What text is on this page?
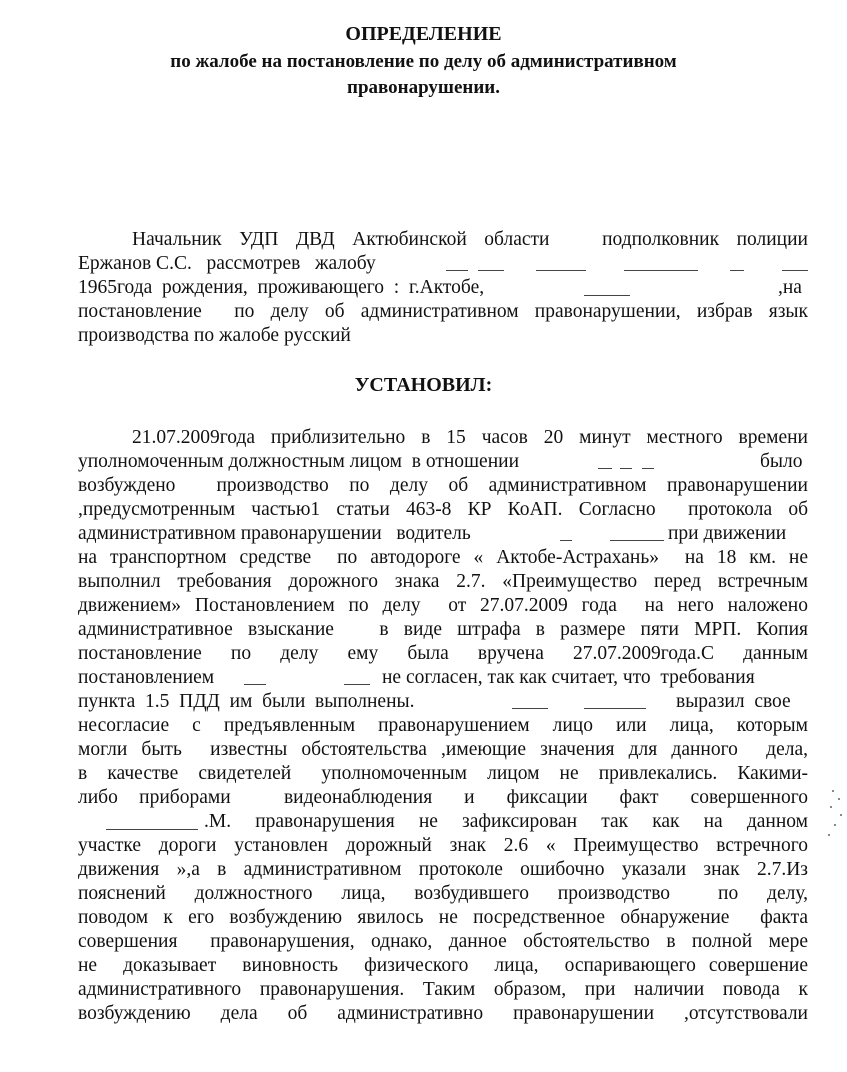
ОПРЕДЕЛЕНИЕ
по жалобе на постановление по делу об административном
правонарушении.
Начальник УДП ДВД Актюбинской области   подполковник полиции
Ержанов С.С.   рассмотрев   жалобу
1965года  рождения,  проживающего  :  г.Актобе,	,на
постановление  по делу об административном правонарушении, избрав язык
производства по жалобе русский
УСТАНОВИЛ:
21.07.2009года приблизительно в 15 часов 20 минут местного времени
уполномоченным должностным лицом  в отношении	было
возбуждено  производство по делу об административном правонарушении
,предусмотренным частью1 статьи 463-8 КР КоАП. Согласно  протокола об
административном правонарушении   водитель	при движении
на транспортном средстве  по автодороге « Актобе-Астрахань»  на 18 км. не
выполнил требования дорожного знака 2.7. «Преимущество перед встречным
движением» Постановлением по делу  от 27.07.2009 года  на него наложено
административное взыскание   в виде штрафа в размере пяти МРП. Копия
постановление   по   делу   ему   была   вручена   27.07.2009года.С   данным
постановлением	не согласен, так как считает, что  требования
пункта  1.5  ПДД  им  были  выполнены.	выразил  свое
несогласие  с  предъявленным  правонарушением  лицо  или  лица,  которым
могли быть  известны обстоятельства ,имеющие значения для данного  дела,
в  качестве  свидетелей   уполномоченным  лицом  не  привлекались.  Какими-
либо  приборами     видеонаблюдения   и   фиксации   факт   совершенного
.М.  правонарушения  не  зафиксирован  так  как  на  данном
участке дороги установлен дорожный знак 2.6 « Преимущество встречного
движения »,а в административном протоколе ошибочно указали знак 2.7.Из
пояснений   должностного   лица,   возбудившего   производство     по   делу,
поводом к его возбуждению явилось не посредственное обнаружение  факта
совершения  правонарушения, однако, данное обстоятельство в полной мере
не  доказывает  виновность  физического  лица,  оспаривающего совершение
административного правонарушения. Таким образом, при наличии повода к
возбуждению   дела   об   административно   правонарушении   ,отсутствовали
